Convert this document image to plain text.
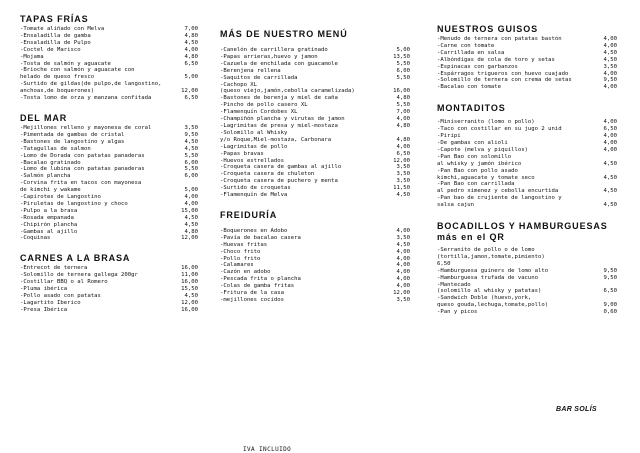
TAPAS FRÍAS
-Tomate aliñado con Melva	7,00
-Ensaladilla de gamba	4,80
-Ensaladilla de Pulpo	4,50
-Coctel de Marisco	4,00
-Mojama	4,80
-Tosta de salmón y aguacate	6,50
-Brioche con salmón y aguacate con
helado de queso fresco	5,00
-Surtido de gildas(de pulpo,de langostino,
anchoas,de boquerones)	12,00
-Tosta lomo de orza y manzana confitada	6,50
DEL MAR
-Mejillones relleno y mayonesa de coral	3,50
-Pimentada de gambas de cristal	9,50
-Bastones de langostino y algas	4,50
-Tatagullas de salmon	4,50
-Lomo de Dorada con patatas panaderas	5,50
-Bacalao gratinado	6,00
-Lomo de lubina con patatas panaderas	5,50
-Salmón plancha	6,00
-Corvina frita en tacos con mayonesa
de kimchi y wakame	5,00
-Capirotes de Langostino	4,00
-Piruletas de langostino y choco	4,00
-Pulpo a la brasa	15,00
-Rosada empanada	4,50
-Chipirón plancha	4,50
-Gambas al ajillo	4,80
-Coquinas	12,00
CARNES A LA BRASA
-Entrecot de ternera	16,00
-Solomillo de ternera gallega 200gr	11,00
-Costillar BBQ o al Romero	16,00
-Pluma ibérica	15,50
-Pollo asado con patatas	4,50
-Lagartito Iberico	12,00
-Presa Ibérica	16,00
MÁS DE NUESTRO MENÚ
-Canelón de carrillera gratinado	5,00
-Papas arrieras,huevo y jamon	13,50
-Cazuela de enchilada con guacamole	5,50
-Berenjena rellena	6,00
-Saquitos de carrillada	5,50
-Cachopo XL
(queso viejo,jamón,cebolla caramelizada)	16,00
-Bastones de berenja y miel de caña	4,80
-Pincho de pollo casero XL	5,50
-Flamenquín Cordobes XL	7,00
-Champiñón plancha y virutas de jamon	4,00
-Lagrimitas de presa y miel-mostaza	4,80
-Solomillo al Whisky
y/o Roque,Miel-mostaza, Carbonara	4,80
-Lagrimitas de pollo	4,00
-Papas bravas	6,50
-Huevos estrellados	12,00
-Croqueta casera de gambas al ajillo	3,50
-Croqueta casera de chuleton	3,50
-Croqueta casera de puchero y menta	3,50
-Surtido de croquetas	11,50
-Flamenquín de Melva	4,50
FREIDURÍA
-Boquerones en Adobo	4,00
-Pavía de bacalao casera	3,50
-Huevas fritas	4,50
-Choco frito	4,00
-Pollo frito	4,00
-Calamares	4,00
-Cazón en adobo	4,00
-Pescada frita o plancha	4,00
-Colas de gamba fritas	4,00
-Fritura de la casa	12,00
-mejillones cocidos	3,50
NUESTROS GUISOS
-Menudo de ternera con patatas bastón	4,00
-Carne con tomate	4,00
-Carrillada en salsa	4,50
-Albóndigas de cola de toro y setas	4,50
-Espinacas con garbanzos	3,50
-Espárragos trigueros con huevo cuajado	4,00
-Solomillo de ternera con crema de setas	9,50
-Bacalao con tomate	4,00
MONTADITOS
-Miniserranito (lomo o pollo)	4,00
-Taco con costillar en su jugo 2 unid	6,50
-Piripi	4,00
-De gambas con alioli	4,00
-Capote (melva y piquillos)	4,00
-Pan Bao con solomillo
al whisky y jamón ibérico	4,50
-Pan Bao con pollo asado
kimchi,aguacate y tomate seco	4,50
-Pan Bao con carrillada
al pedro ximenez y cebolla encurtida	4,50
-Pan bao de crujiente de langostino y
salsa cajun	4,50
BOCADILLOS Y HAMBURGUESAS
más en el QR
-Serranito de pollo o de lomo
(tortilla,jamon,tomate,pimiento)
6,50
-Hamburguesa guiners de lomo alto	9,50
-Hamburguesa trufada de vacuno	9,50
-Mantecado
(solomillo al whisky y patatas)	6,50
-Sandwich Doble (huevo,york,
queso gouda,lechuga,tomate,pollo)	9,00
-Pan y picos	0,60
BAR SOLÍS
IVA INCLUIDO
